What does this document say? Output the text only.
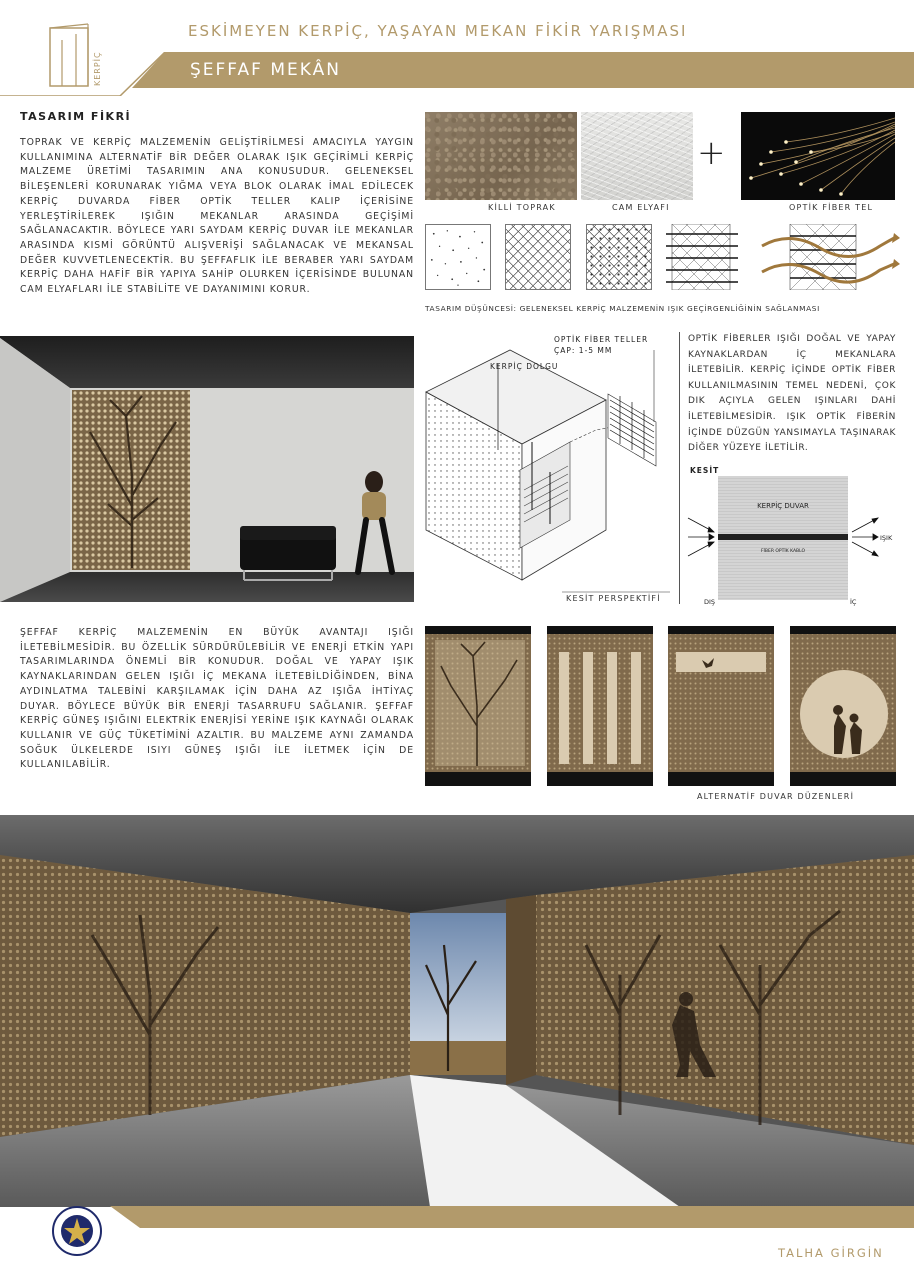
KERPİÇ
ESKİMEYEN KERPİÇ, YAŞAYAN MEKAN FİKİR YARIŞMASI
ŞEFFAF MEKÂN
TASARIM FİKRİ
TOPRAK VE KERPİÇ MALZEMENİN GELİŞTİRİLMESİ AMACIYLA YAYGIN KULLANIMINA ALTERNATİF BİR DEĞER OLARAK IŞIK GEÇİRİMLİ KERPİÇ MALZEME ÜRETİMİ TASARIMIN ANA KONUSUDUR. GELENEKSEL BİLEŞENLERİ KORUNARAK YIĞMA VEYA BLOK OLARAK İMAL EDİLECEK KERPİÇ DUVARDA FİBER OPTİK TELLER KALIP İÇERİSİNE YERLEŞTİRİLEREK IŞIĞIN MEKANLAR ARASINDA GEÇİŞİMİ SAĞLANACAKTIR. BÖYLECE YARI SAYDAM KERPİÇ DUVAR İLE MEKANLAR ARASINDA KISMİ GÖRÜNTÜ ALIŞVERİŞİ SAĞLANACAK VE MEKANSAL DEĞER KUVVETLENECEKTİR. BU ŞEFFAFLIK İLE BERABER YARI SAYDAM KERPİÇ DAHA HAFİF BİR YAPIYA SAHİP OLURKEN İÇERİSİNDE BULUNAN CAM ELYAFLARI İLE STABİLİTE VE DAYANIMINI KORUR.
+
KİLLİ TOPRAK	CAM ELYAFI	OPTİK FİBER TEL
TASARIM DÜŞÜNCESİ: GELENEKSEL KERPİÇ MALZEMENİN IŞIK GEÇİRGENLİĞİNİN SAĞLANMASI
OPTİK FİBER TELLER
ÇAP: 1-5 MM
KERPİÇ DOLGU
KESİT PERSPEKTİFİ
OPTİK FİBERLER IŞIĞI DOĞAL VE YAPAY KAYNAKLARDAN İÇ MEKANLARA İLETEBİLİR. KERPİÇ İÇİNDE OPTİK FİBER KULLANILMASININ TEMEL NEDENİ, ÇOK DIK AÇIYLA GELEN IŞINLARI DAHİ İLETEBİLMESİDİR. IŞIK OPTİK FİBERİN İÇİNDE DÜZGÜN YANSIMAYLA TAŞINARAK DİĞER YÜZEYE İLETİLİR.
KESİT
KERPİÇ DUVAR
FİBER OPTİK KABLO
IŞIK
DIŞ	İÇ
ŞEFFAF KERPİÇ MALZEMENİN EN BÜYÜK AVANTAJI IŞIĞI İLETEBİLMESİDİR. BU ÖZELLİK SÜRDÜRÜLEBİLİR VE ENERJİ ETKİN YAPI TASARIMLARINDA ÖNEMLİ BİR KONUDUR. DOĞAL VE YAPAY IŞIK KAYNAKLARINDAN GELEN IŞIĞI İÇ MEKANA İLETEBİLDİĞİNDEN, BİNA AYDINLATMA TALEBİNİ KARŞILAMAK İÇİN DAHA AZ IŞIĞA İHTİYAÇ DUYAR. BÖYLECE BÜYÜK BİR ENERJİ TASARRUFU SAĞLANIR. ŞEFFAF KERPİÇ GÜNEŞ IŞIĞINI ELEKTRİK ENERJİSİ YERİNE IŞIK KAYNAĞI OLARAK KULLANIR VE GÜÇ TÜKETİMİNİ AZALTIR. BU MALZEME AYNI ZAMANDA SOĞUK ÜLKELERDE ISIYI GÜNEŞ IŞIĞI İLE İLETMEK İÇİN DE KULLANILABİLİR.
ALTERNATİF DUVAR DÜZENLERİ
TALHA GİRGİN
